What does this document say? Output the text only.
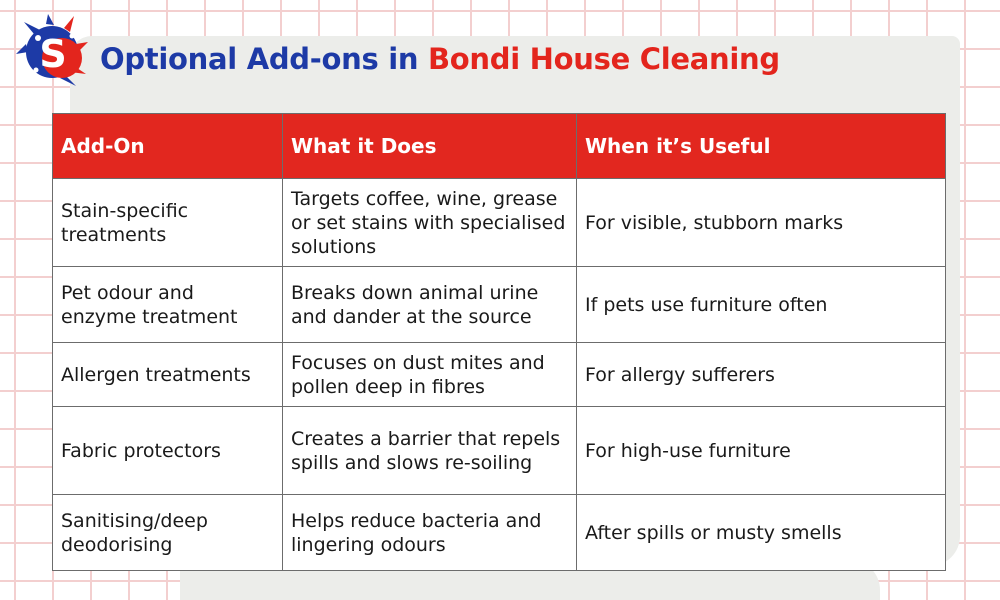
S Optional Add-ons in Bondi House Cleaning
Add-On	What it Does	When it’s Useful
Stain-specific treatments	Targets coffee, wine, grease or set stains with specialised solutions	For visible, stubborn marks
Pet odour and enzyme treatment	Breaks down animal urine and dander at the source	If pets use furniture often
Allergen treatments	Focuses on dust mites and pollen deep in fibres	For allergy sufferers
Fabric protectors	Creates a barrier that repels spills and slows re-soiling	For high-use furniture
Sanitising/deep deodorising	Helps reduce bacteria and lingering odours	After spills or musty smells
